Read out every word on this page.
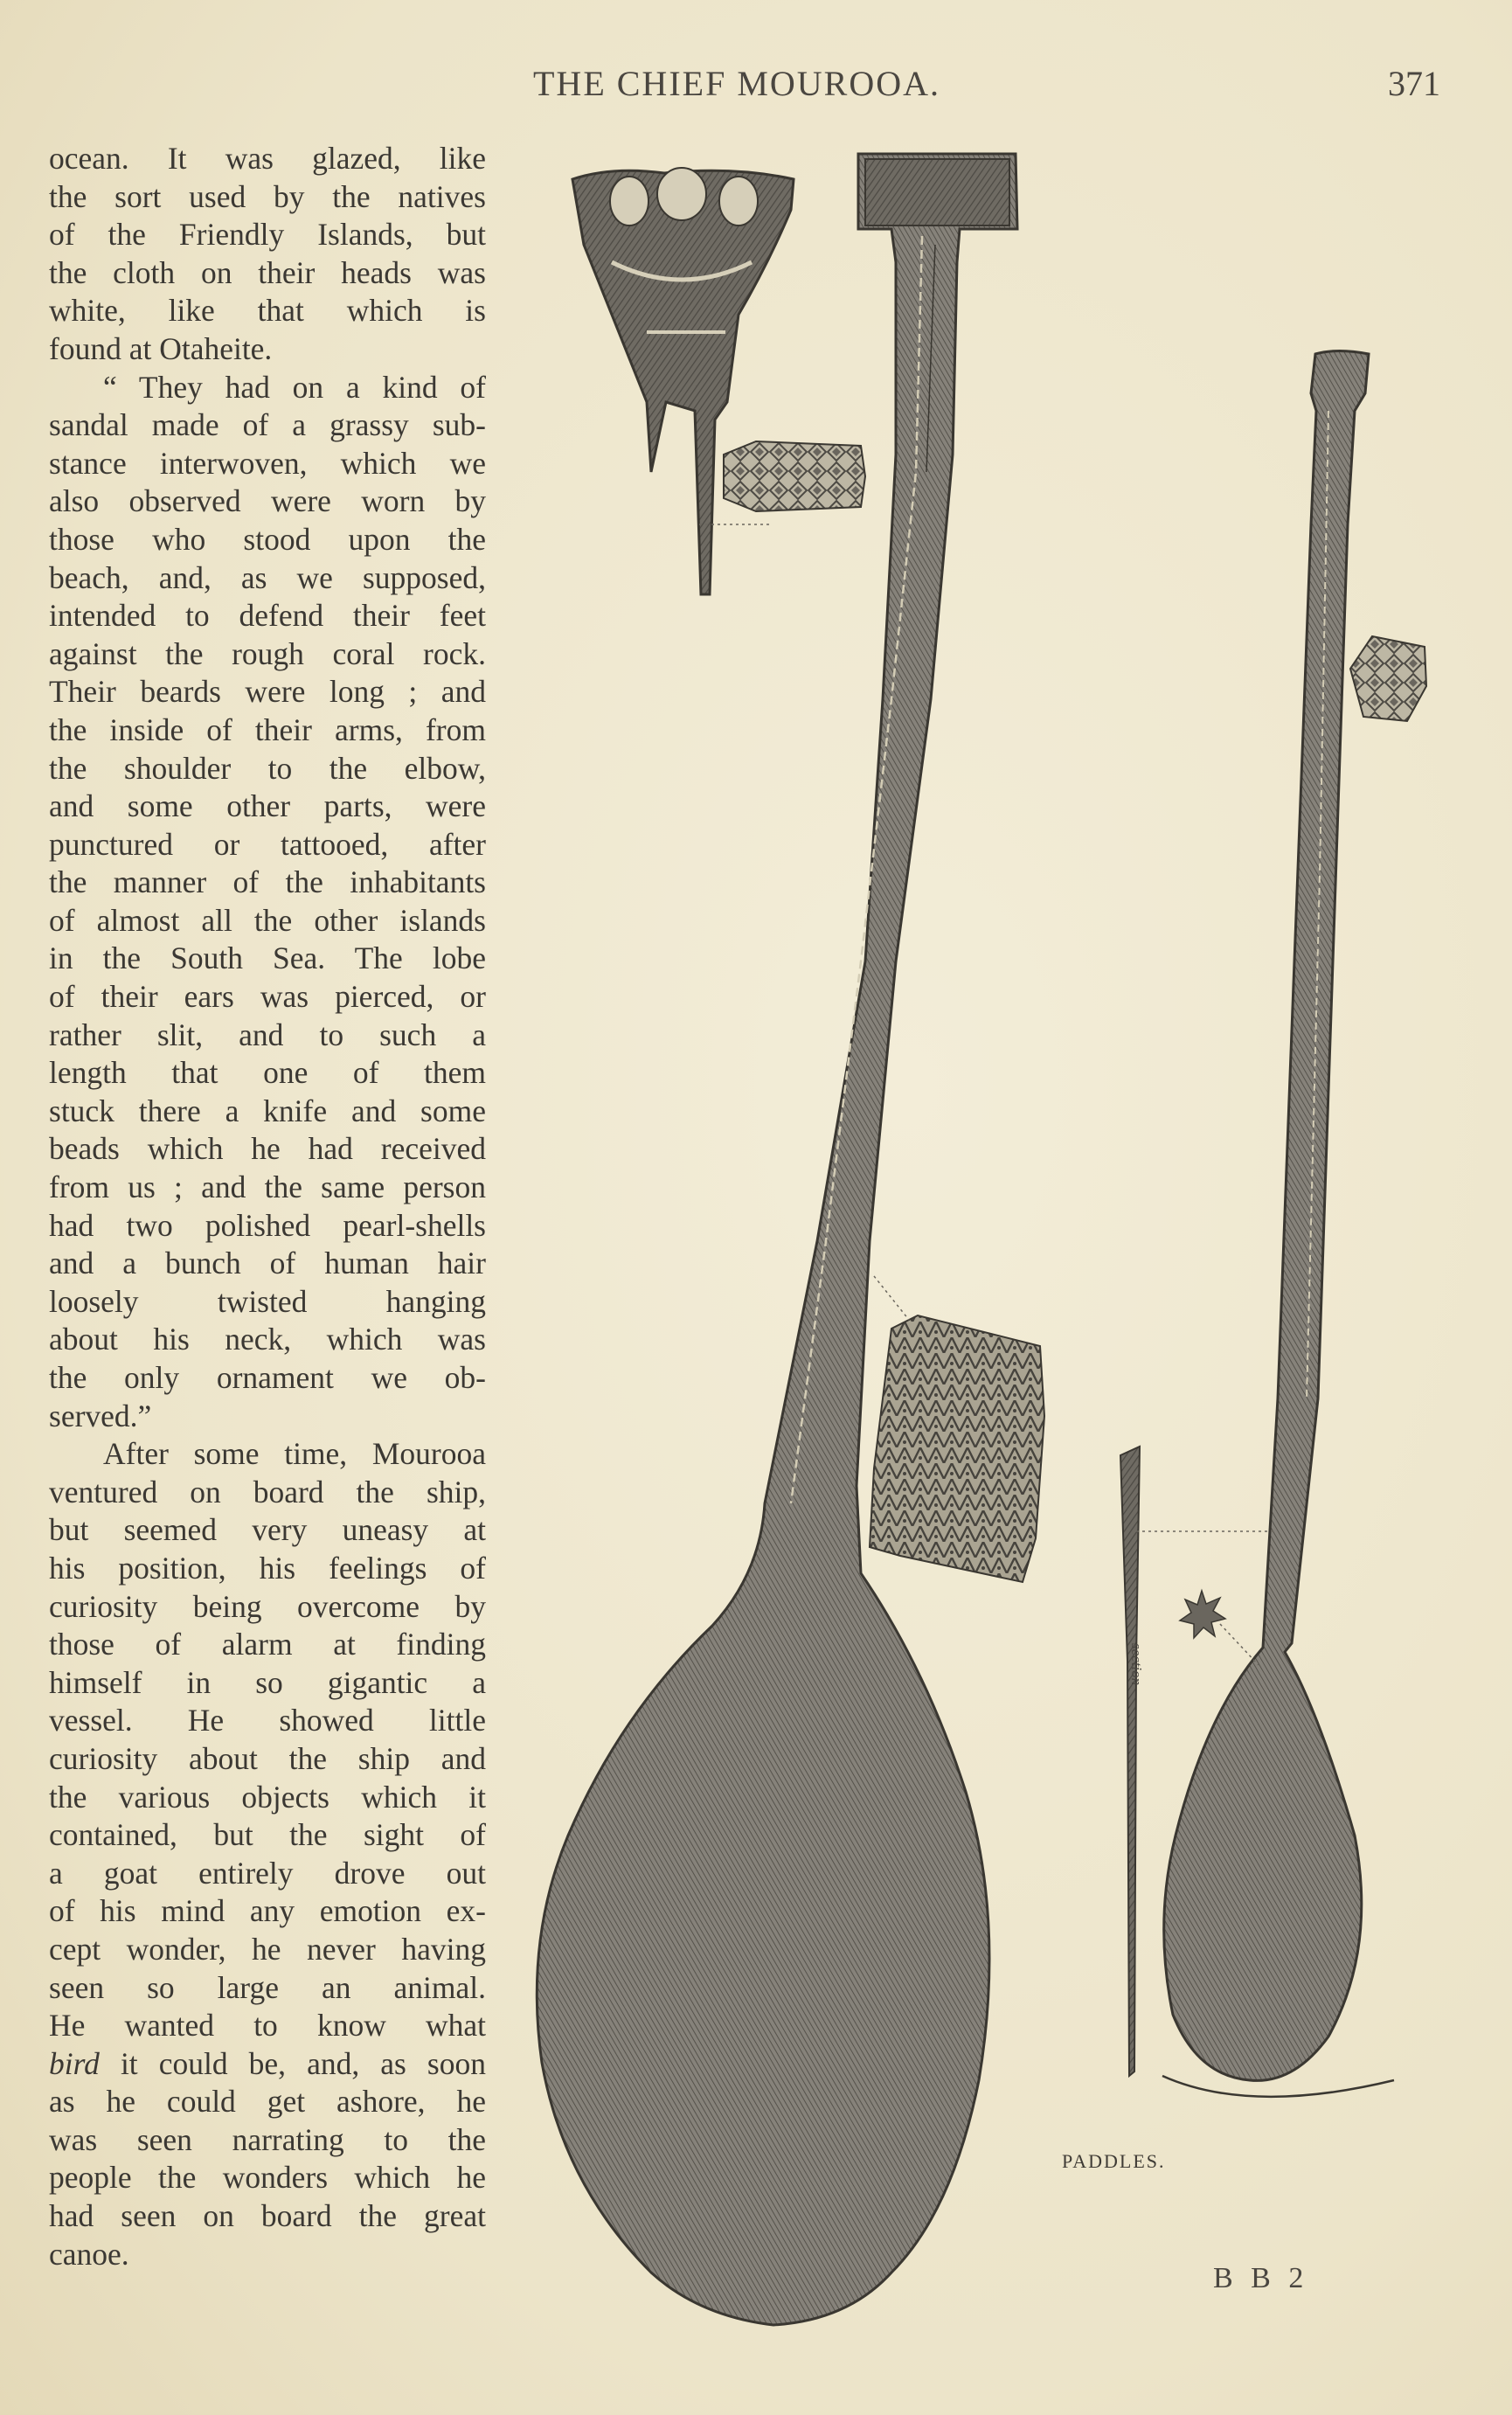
THE CHIEF MOUROOA.	371
ocean. It was glazed, like
the sort used by the natives
of the Friendly Islands, but
the cloth on their heads was
white, like that which is
found at Otaheite.
“ They had on a kind of
sandal made of a grassy sub-
stance interwoven, which we
also observed were worn by
those who stood upon the
beach, and, as we supposed,
intended to defend their feet
against the rough coral rock.
Their beards were long ; and
the inside of their arms, from
the shoulder to the elbow,
and some other parts, were
punctured or tattooed, after
the manner of the inhabitants
of almost all the other islands
in the South Sea. The lobe
of their ears was pierced, or
rather slit, and to such a
length that one of them
stuck there a knife and some
beads which he had received
from us ; and the same person
had two polished pearl-shells
and a bunch of human hair
loosely twisted hanging
about his neck, which was
the only ornament we ob-
served.”
After some time, Mourooa
ventured on board the ship,
but seemed very uneasy at
his position, his feelings of
curiosity being overcome by
those of alarm at finding
himself in so gigantic a
vessel. He showed little
curiosity about the ship and
the various objects which it
contained, but the sight of
a goat entirely drove out
of his mind any emotion ex-
cept wonder, he never having
seen so large an animal.
He wanted to know what
bird it could be, and, as soon
as he could get ashore, he
was seen narrating to the
people the wonders which he
had seen on board the great
canoe.
section
PADDLES.
B B 2
